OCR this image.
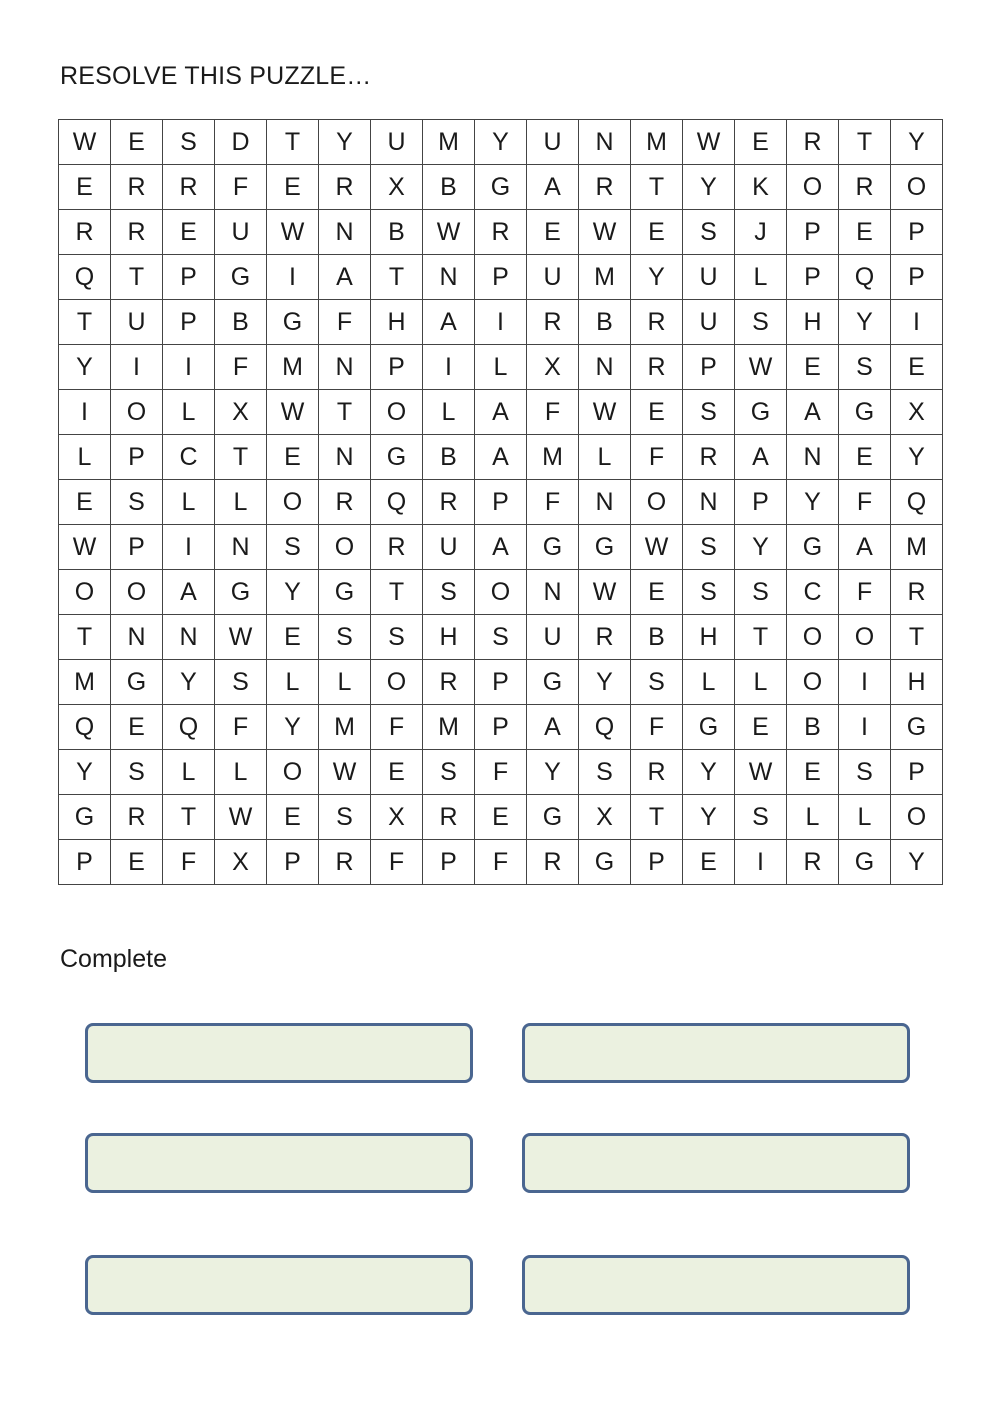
RESOLVE THIS PUZZLE…
W	E	S	D	T	Y	U	M	Y	U	N	M	W	E	R	T	Y
E	R	R	F	E	R	X	B	G	A	R	T	Y	K	O	R	O
R	R	E	U	W	N	B	W	R	E	W	E	S	J	P	E	P
Q	T	P	G	I	A	T	N	P	U	M	Y	U	L	P	Q	P
T	U	P	B	G	F	H	A	I	R	B	R	U	S	H	Y	I
Y	I	I	F	M	N	P	I	L	X	N	R	P	W	E	S	E
I	O	L	X	W	T	O	L	A	F	W	E	S	G	A	G	X
L	P	C	T	E	N	G	B	A	M	L	F	R	A	N	E	Y
E	S	L	L	O	R	Q	R	P	F	N	O	N	P	Y	F	Q
W	P	I	N	S	O	R	U	A	G	G	W	S	Y	G	A	M
O	O	A	G	Y	G	T	S	O	N	W	E	S	S	C	F	R
T	N	N	W	E	S	S	H	S	U	R	B	H	T	O	O	T
M	G	Y	S	L	L	O	R	P	G	Y	S	L	L	O	I	H
Q	E	Q	F	Y	M	F	M	P	A	Q	F	G	E	B	I	G
Y	S	L	L	O	W	E	S	F	Y	S	R	Y	W	E	S	P
G	R	T	W	E	S	X	R	E	G	X	T	Y	S	L	L	O
P	E	F	X	P	R	F	P	F	R	G	P	E	I	R	G	Y
Complete
